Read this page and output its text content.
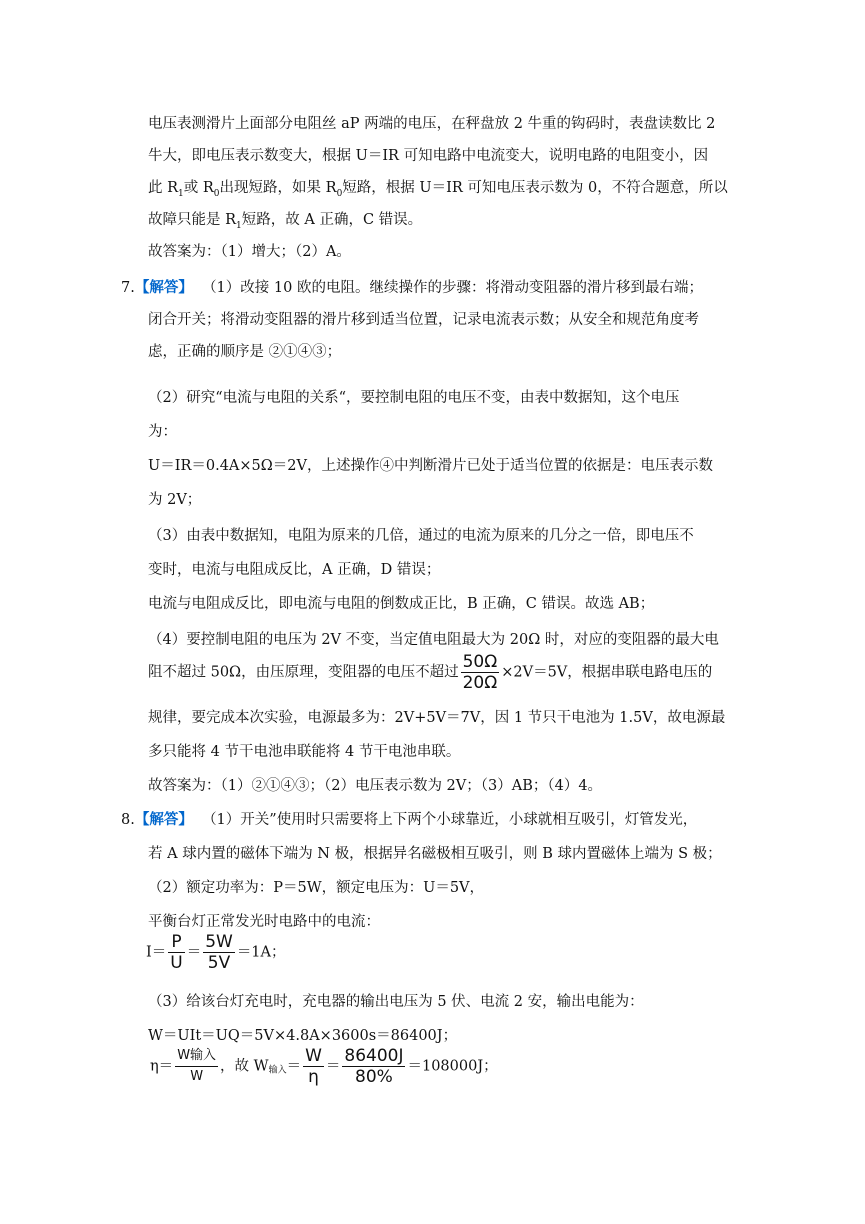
电压表测滑片上面部分电阻丝 aP 两端的电压，在秤盘放 2 牛重的钩码时，表盘读数比 2
牛大，即电压表示数变大，根据 U＝IR 可知电路中电流变大，说明电路的电阻变小，因
此 $R_1$或 $R_0$出现短路，如果 $R_0$短路，根据 U＝IR 可知电压表示数为 0，不符合题意，所以
故障只能是 $R_1$短路，故 A 正确，C 错误。
故答案为：（1）增大；（2）A。
7.【解答】 （1）改接 10 欧的电阻。继续操作的步骤：将滑动变阻器的滑片移到最右端；
闭合开关；将滑动变阻器的滑片移到适当位置，记录电流表示数；从安全和规范角度考
虑，正确的顺序是 ②①④③；
（2）研究“电流与电阻的关系“，要控制电阻的电压不变，由表中数据知，这个电压
为：
U＝IR＝0.4A×5Ω＝2V，上述操作④中判断滑片已处于适当位置的依据是：电压表示数
为 2V；
（3）由表中数据知，电阻为原来的几倍，通过的电流为原来的几分之一倍，即电压不
变时，电流与电阻成反比，A 正确，D 错误；
电流与电阻成反比，即电流与电阻的倒数成正比，B 正确，C 错误。故选 AB；
（4）要控制电阻的电压为 2V 不变，当定值电阻最大为 20Ω 时，对应的变阻器的最大电
阻不超过 50Ω，由压原理，变阻器的电压不超过 $\frac{50\Omega}{20\Omega} \times 2V=5V$，根据串联电路电压的
规律，要完成本次实验，电源最多为：2V+5V＝7V，因 1 节只干电池为 1.5V，故电源最
多只能将 4 节干电池串联能将 4 节干电池串联。
故答案为：（1）②①④③；（2）电压表示数为 2V；（3）AB；（4）4。
8.【解答】 （1）开关”使用时只需要将上下两个小球靠近，小球就相互吸引，灯管发光，
若 A 球内置的磁体下端为 N 极，根据异名磁极相互吸引，则 B 球内置磁体上端为 S 极；
（2）额定功率为：P＝5W，额定电压为：U＝5V，
平衡台灯正常发光时电路中的电流：
$I= \frac{P}{U} = \frac{5W}{5V} =1A$；
（3）给该台灯充电时，充电器的输出电压为 5 伏、电流 2 安，输出电能为：
W＝UIt＝UQ＝5V×4.8A×3600s＝86400J；
$\eta= \frac{\text{W输入}}{W}$ ，故 W输入＝ $\frac{W}{\eta} = \frac{86400J}{80\%} =108000J$；
